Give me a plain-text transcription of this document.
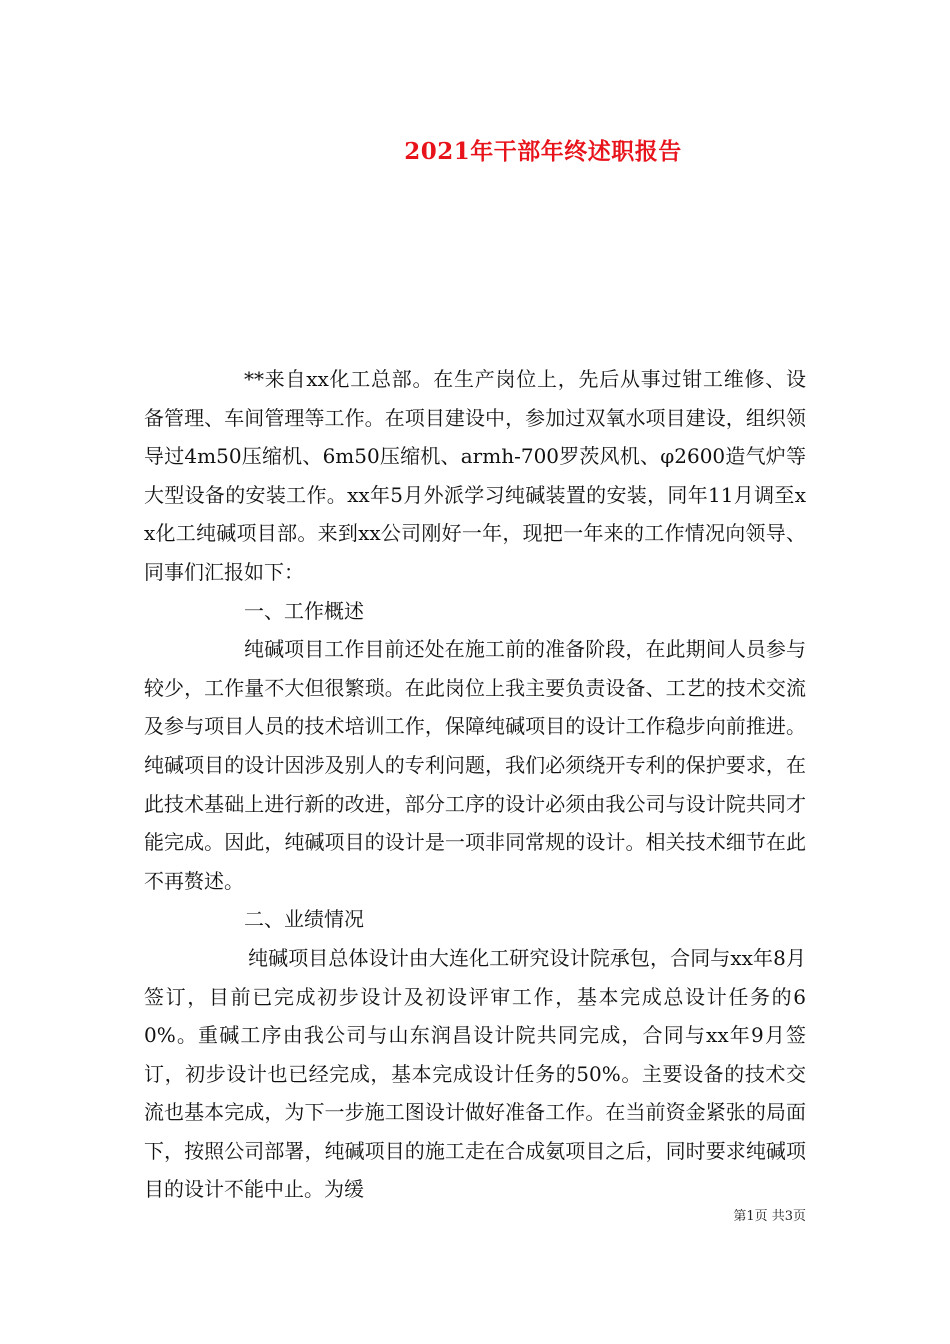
2021年干部年终述职报告

**来自xx化工总部。在生产岗位上，先后从事过钳工维修、设备管理、车间管理等工作。在项目建设中，参加过双氧水项目建设，组织领导过4m50压缩机、6m50压缩机、armh-700罗茨风机、φ2600造气炉等大型设备的安装工作。xx年5月外派学习纯碱装置的安装，同年11月调至xx化工纯碱项目部。来到xx公司刚好一年，现把一年来的工作情况向领导、同事们汇报如下：

一、工作概述

纯碱项目工作目前还处在施工前的准备阶段，在此期间人员参与较少，工作量不大但很繁琐。在此岗位上我主要负责设备、工艺的技术交流及参与项目人员的技术培训工作，保障纯碱项目的设计工作稳步向前推进。纯碱项目的设计因涉及别人的专利问题，我们必须绕开专利的保护要求，在此技术基础上进行新的改进，部分工序的设计必须由我公司与设计院共同才能完成。因此，纯碱项目的设计是一项非同常规的设计。相关技术细节在此不再赘述。

二、业绩情况

纯碱项目总体设计由大连化工研究设计院承包，合同与xx年8月签订，目前已完成初步设计及初设评审工作，基本完成总设计任务的60%。重碱工序由我公司与山东润昌设计院共同完成，合同与xx年9月签订，初步设计也已经完成，基本完成设计任务的50%。主要设备的技术交流也基本完成，为下一步施工图设计做好准备工作。在当前资金紧张的局面下，按照公司部署，纯碱项目的施工走在合成氨项目之后，同时要求纯碱项目的设计不能中止。为缓

第1页 共3页
